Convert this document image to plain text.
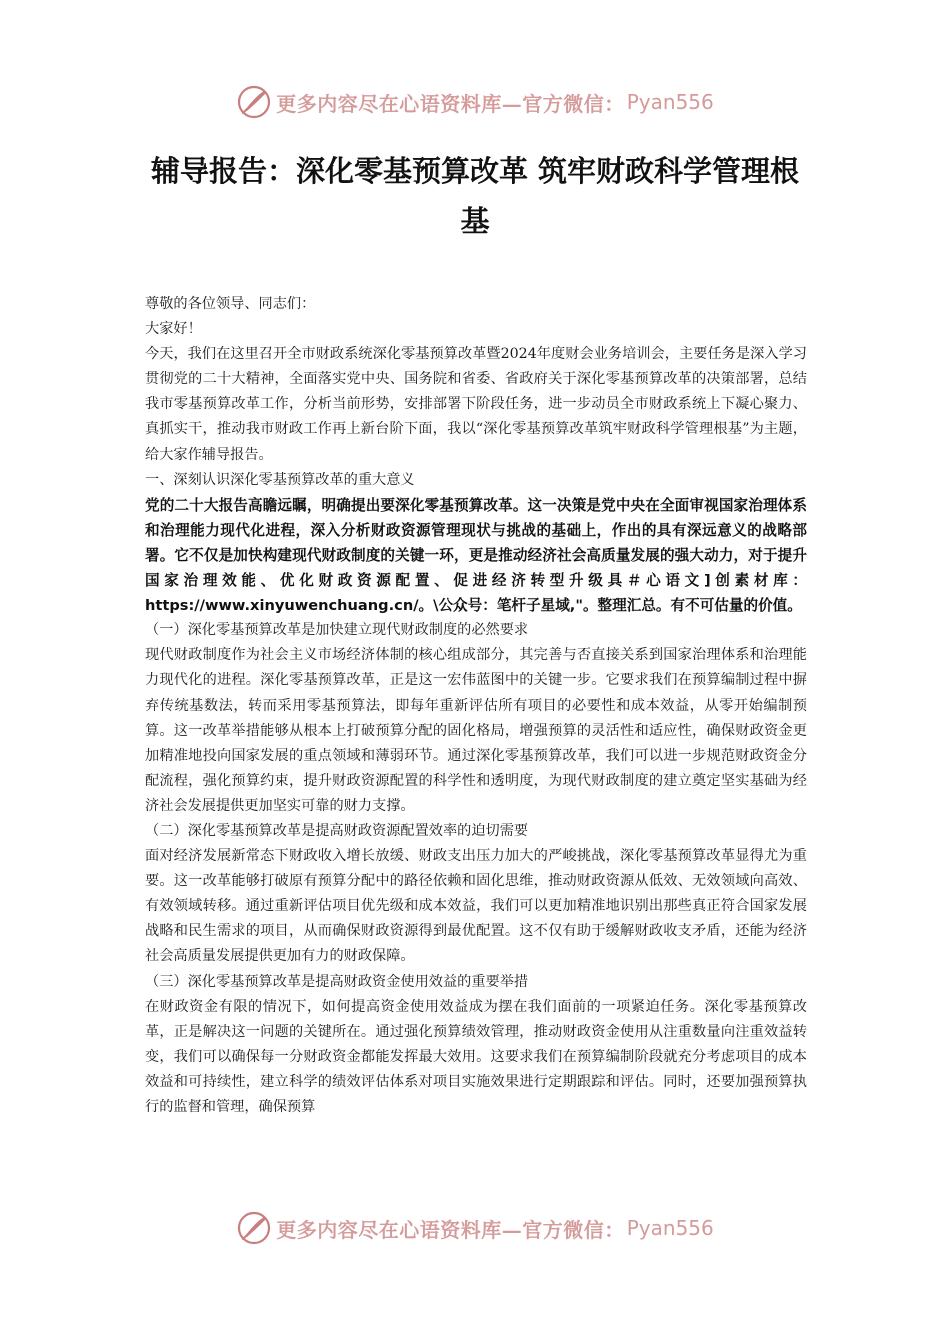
更多内容尽在心语资料库—官方微信： Pyan556
辅导报告：深化零基预算改革 筑牢财政科学管理根基

尊敬的各位领导、同志们：

大家好！

今天，我们在这里召开全市财政系统深化零基预算改革暨2024年度财会业务培训会，主要任务是深入学习贯彻党的二十大精神，全面落实党中央、国务院和省委、省政府关于深化零基预算改革的决策部署，总结我市零基预算改革工作，分析当前形势，安排部署下阶段任务，进一步动员全市财政系统上下凝心聚力、真抓实干，推动我市财政工作再上新台阶下面，我以“深化零基预算改革筑牢财政科学管理根基”为主题，给大家作辅导报告。

一、深刻认识深化零基预算改革的重大意义

党的二十大报告高瞻远瞩，明确提出要深化零基预算改革。这一决策是党中央在全面审视国家治理体系和治理能力现代化进程，深入分析财政资源管理现状与挑战的基础上，作出的具有深远意义的战略部署。它不仅是加快构建现代财政制度的关键一环，更是推动经济社会高质量发展的强大动力，对于提升国家治理效能、优化财政资源配置、促进经济转型升级具＃心语文]创素材库：https://www.xinyuwenchuang.cn/。\公众号：笔杆子星域,"。整理汇总。有不可估量的价值。

（一）深化零基预算改革是加快建立现代财政制度的必然要求

现代财政制度作为社会主义市场经济体制的核心组成部分，其完善与否直接关系到国家治理体系和治理能力现代化的进程。深化零基预算改革，正是这一宏伟蓝图中的关键一步。它要求我们在预算编制过程中摒弃传统基数法，转而采用零基预算法，即每年重新评估所有项目的必要性和成本效益，从零开始编制预算。这一改革举措能够从根本上打破预算分配的固化格局，增强预算的灵活性和适应性，确保财政资金更加精准地投向国家发展的重点领域和薄弱环节。通过深化零基预算改革，我们可以进一步规范财政资金分配流程，强化预算约束，提升财政资源配置的科学性和透明度，为现代财政制度的建立奠定坚实基础为经济社会发展提供更加坚实可靠的财力支撑。

（二）深化零基预算改革是提高财政资源配置效率的迫切需要

面对经济发展新常态下财政收入增长放缓、财政支出压力加大的严峻挑战，深化零基预算改革显得尤为重要。这一改革能够打破原有预算分配中的路径依赖和固化思维，推动财政资源从低效、无效领域向高效、有效领域转移。通过重新评估项目优先级和成本效益，我们可以更加精准地识别出那些真正符合国家发展战略和民生需求的项目，从而确保财政资源得到最优配置。这不仅有助于缓解财政收支矛盾，还能为经济社会高质量发展提供更加有力的财政保障。

（三）深化零基预算改革是提高财政资金使用效益的重要举措

在财政资金有限的情况下，如何提高资金使用效益成为摆在我们面前的一项紧迫任务。深化零基预算改革，正是解决这一问题的关键所在。通过强化预算绩效管理，推动财政资金使用从注重数量向注重效益转变，我们可以确保每一分财政资金都能发挥最大效用。这要求我们在预算编制阶段就充分考虑项目的成本效益和可持续性，建立科学的绩效评估体系对项目实施效果进行定期跟踪和评估。同时，还要加强预算执行的监督和管理，确保预算

更多内容尽在心语资料库—官方微信： Pyan556
